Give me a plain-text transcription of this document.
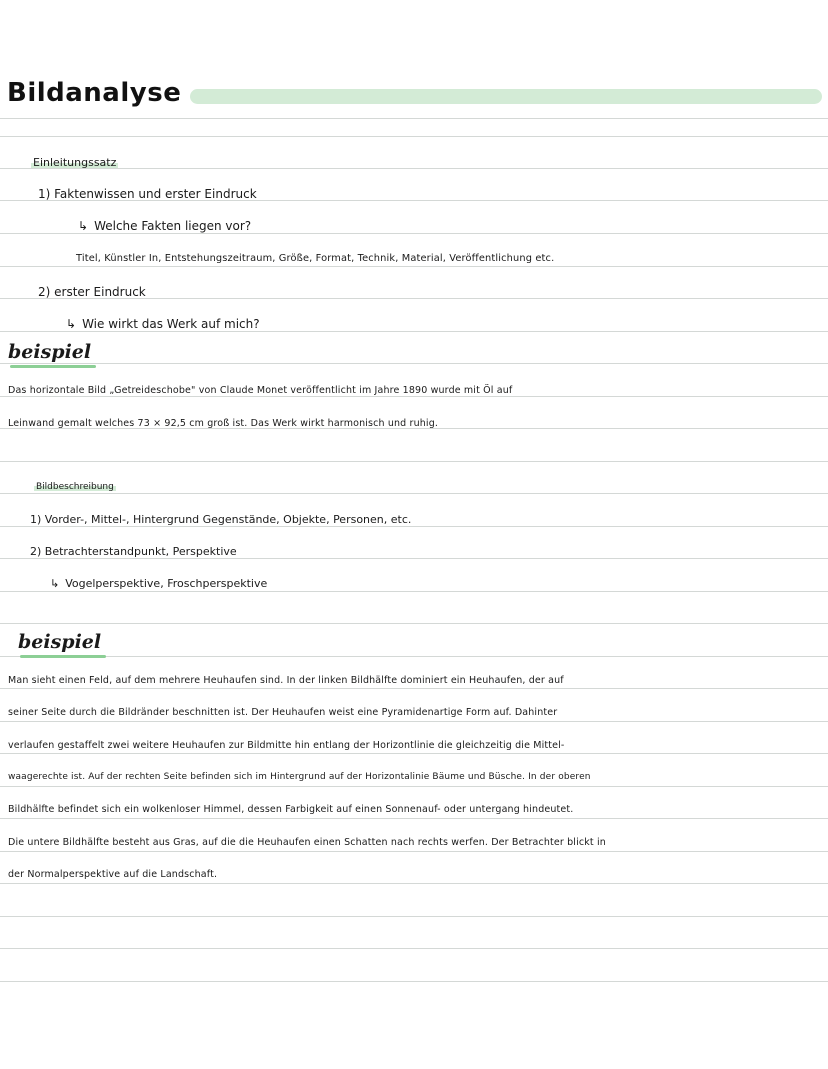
Bildanalyse
Einleitungssatz
1) Faktenwissen und erster Eindruck
↳ Welche Fakten liegen vor?
Titel, Künstler In, Entstehungszeitraum, Größe, Format, Technik, Material, Veröffentlichung etc.
2) erster Eindruck
↳ Wie wirkt das Werk auf mich?
beispiel
Das horizontale Bild „Getreideschobe" von Claude Monet veröffentlicht im Jahre 1890 wurde mit Öl auf
Leinwand gemalt welches 73 × 92,5 cm groß ist. Das Werk wirkt harmonisch und ruhig.
Bildbeschreibung
1) Vorder-, Mittel-, Hintergrund Gegenstände, Objekte, Personen, etc.
2) Betrachterstandpunkt, Perspektive
↳ Vogelperspektive, Froschperspektive
beispiel
Man sieht einen Feld, auf dem mehrere Heuhaufen sind. In der linken Bildhälfte dominiert ein Heuhaufen, der auf
seiner Seite durch die Bildränder beschnitten ist. Der Heuhaufen weist eine Pyramidenartige Form auf. Dahinter
verlaufen gestaffelt zwei weitere Heuhaufen zur Bildmitte hin entlang der Horizontlinie die gleichzeitig die Mittel-
waagerechte ist. Auf der rechten Seite befinden sich im Hintergrund auf der Horizontalinie Bäume und Büsche. In der oberen
Bildhälfte befindet sich ein wolkenloser Himmel, dessen Farbigkeit auf einen Sonnenauf- oder untergang hindeutet.
Die untere Bildhälfte besteht aus Gras, auf die die Heuhaufen einen Schatten nach rechts werfen. Der Betrachter blickt in
der Normalperspektive auf die Landschaft.
